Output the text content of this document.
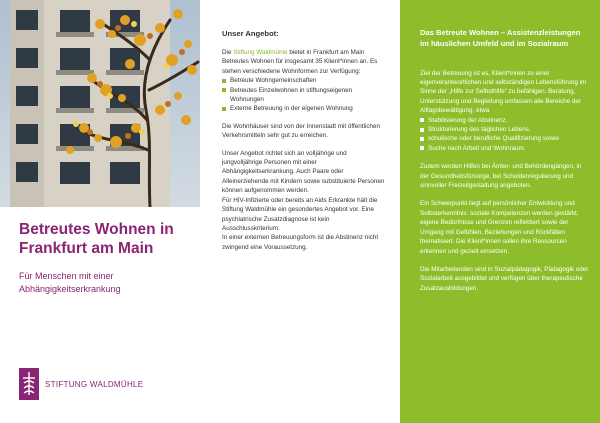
Betreutes Wohnen in Frankfurt am Main

Für Menschen mit einer Abhängigkeitserkrankung

STIFTUNG WALDMÜHLE
Unser Angebot:

Die Stiftung Waldmühle bietet in Frankfurt am Main Betreutes Wohnen für insgesamt 35 Klient*innen an. Es stehen verschiedene Wohnformen zur Verfügung:

Betreute Wohngemeinschaften
Betreutes Einzelwohnen in stiftungseigenen Wohnungen
Externe Betreuung in der eigenen Wohnung

Die Wohnhäuser sind von der Innenstadt mit öffentlichen Verkehrsmitteln sehr gut zu erreichen.

Unser Angebot richtet sich an volljährige und jungvolljährige Personen mit einer Abhängigkeitserkrankung. Auch Paare oder Alleinerziehende mit Kindern sowie substituierte Personen können aufgenommen werden.

Für HIV-Infizierte oder bereits an Aids Erkrankte hält die Stiftung Waldmühle ein gesondertes Angebot vor. Eine psychiatrische Zusatzdiagnose ist kein Ausschlusskriterium.

In einer externen Betreuungsform ist die Abstinenz nicht zwingend eine Voraussetzung.

Das Betreute Wohnen – Assistenzleistungen im häuslichen Umfeld und im Sozialraum

Ziel der Betreuung ist es, Klient*innen zu einer eigenverantwortlichen und selbständigen Lebensführung im Sinne der „Hilfe zur Selbsthilfe“ zu befähigen. Beratung, Unterstützung und Begleitung umfassen alle Bereiche der Alltagsbewältigung, etwa

Stabilisierung der Abstinenz,
Strukturierung des täglichen Lebens,
schulische oder berufliche Qualifizierung sowie
Suche nach Arbeit und Wohnraum.

Zudem werden Hilfen bei Ämter- und Behördengängen, in der Gesundheitsfürsorge, bei Schuldenregulierung und sinnvoller Freizeitgestaltung angeboten.

Ein Schwerpunkt liegt auf persönlicher Entwicklung und Selbsterkenntnis: soziale Kompetenzen werden gestärkt, eigene Bedürfnisse und Grenzen reflektiert sowie der Umgang mit Gefühlen, Beziehungen und Rückfällen thematisiert. Die Klient*innen sollen ihre Ressourcen erkennen und gezielt einsetzen.

Die Mitarbeitenden sind in Sozialpädagogik, Pädagogik oder Sozialarbeit ausgebildet und verfügen über therapeutische Zusatzausbildungen.
